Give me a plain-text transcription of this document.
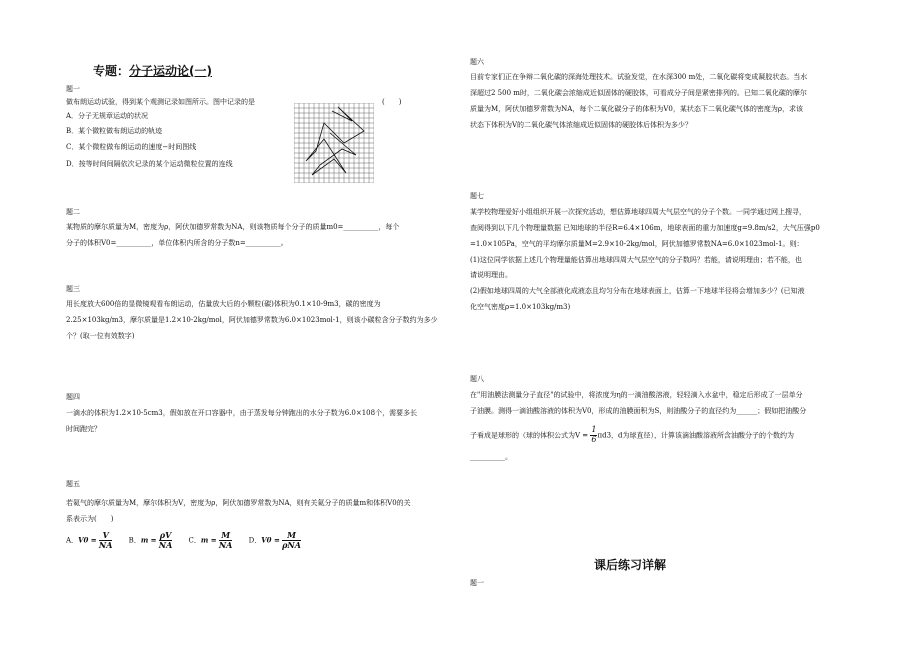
专题：分子运动论(一)
题一
做布朗运动试验，得到某个观测记录如图所示。图中记录的是	(　　)
A．分子无规章运动的状况
B．某个微粒做布朗运动的轨迹
C．某个微粒做布朗运动的速度−时间图线
D．按等时间间隔依次记录的某个运动微粒位置的连线
题二
某物质的摩尔质量为M，密度为ρ，阿伏加德罗常数为NA，则该物质每个分子的质量m0=__________，每个
分子的体积V0=__________，单位体积内所含的分子数n=__________。
题三
用长度放大600倍的显微镜观看布朗运动，估量放大后的小颗粒(碳)体积为0.1×10-9m3，碳的密度为
2.25×103kg/m3，摩尔质量是1.2×10-2kg/mol，阿伏加德罗常数为6.0×1023mol-1，则该小碳粒含分子数约为多少
个？(取一位有效数字)
题四
一滴水的体积为1.2×10-5cm3，假如放在开口容器中，由于蒸发每分钟跑出的水分子数为6.0×108个，需要多长
时间跑完？
题五
若氦气的摩尔质量为M，摩尔体积为V，密度为ρ，阿伏加德罗常数为NA，则有关氦分子的质量m和体积V0的关
系表示为(　　)
A．$V0 = \frac{V}{NA}$ B．$m = \frac{\rho V}{NA}$ C．$m = \frac{M}{NA}$ D．$V0 = \frac{M}{\text{ρNA}}$
题六
目前专家们正在争辩二氧化碳的深海处理技术。试验发觉，在水深300 m处，二氧化碳将变成凝胶状态。当水
深超过2 500 m时，二氧化碳会浓缩成近似固体的硬胶体，可看成分子间是紧密排列的。已知二氧化碳的摩尔
质量为M，阿伏加德罗常数为NA，每个二氧化碳分子的体积为V0，某状态下二氧化碳气体的密度为ρ，求该
状态下体积为V的二氧化碳气体浓缩成近似固体的硬胶体后体积为多少？
题七
某学校物理爱好小组组织开展一次探究活动，想估算地球四周大气层空气的分子个数。一同学通过网上搜寻，
查阅得到以下几个物理量数据 已知地球的半径R=6.4×106m，地球表面的重力加速度g=9.8m/s2，大气压强p0
=1.0×105Pa，空气的平均摩尔质量M=2.9×10-2kg/mol，阿伏加德罗常数NA=6.0×1023mol-1。则：
(1)这位同学依据上述几个物理量能估算出地球四周大气层空气的分子数吗？若能，请说明理由；若不能，也
请说明理由。
(2)假如地球四周的大气全部液化成液态且均匀分布在地球表面上，估算一下地球半径将会增加多少？(已知液
化空气密度ρ=1.0×103kg/m3)
题八
在"用油膜法测量分子直径"的试验中，将浓度为η的一滴油酸溶液，轻轻滴入水盆中，稳定后形成了一层单分
子油膜。测得一滴油酸溶液的体积为V0，形成的油膜面积为S，则油酸分子的直径约为______；假如把油酸分
子看成是球形的（球的体积公式为$V = \frac{1}{6} \pi d3$，d为球直径），计算该滴油酸溶液所含油酸分子的个数约为
__________。
课后练习详解
题一
